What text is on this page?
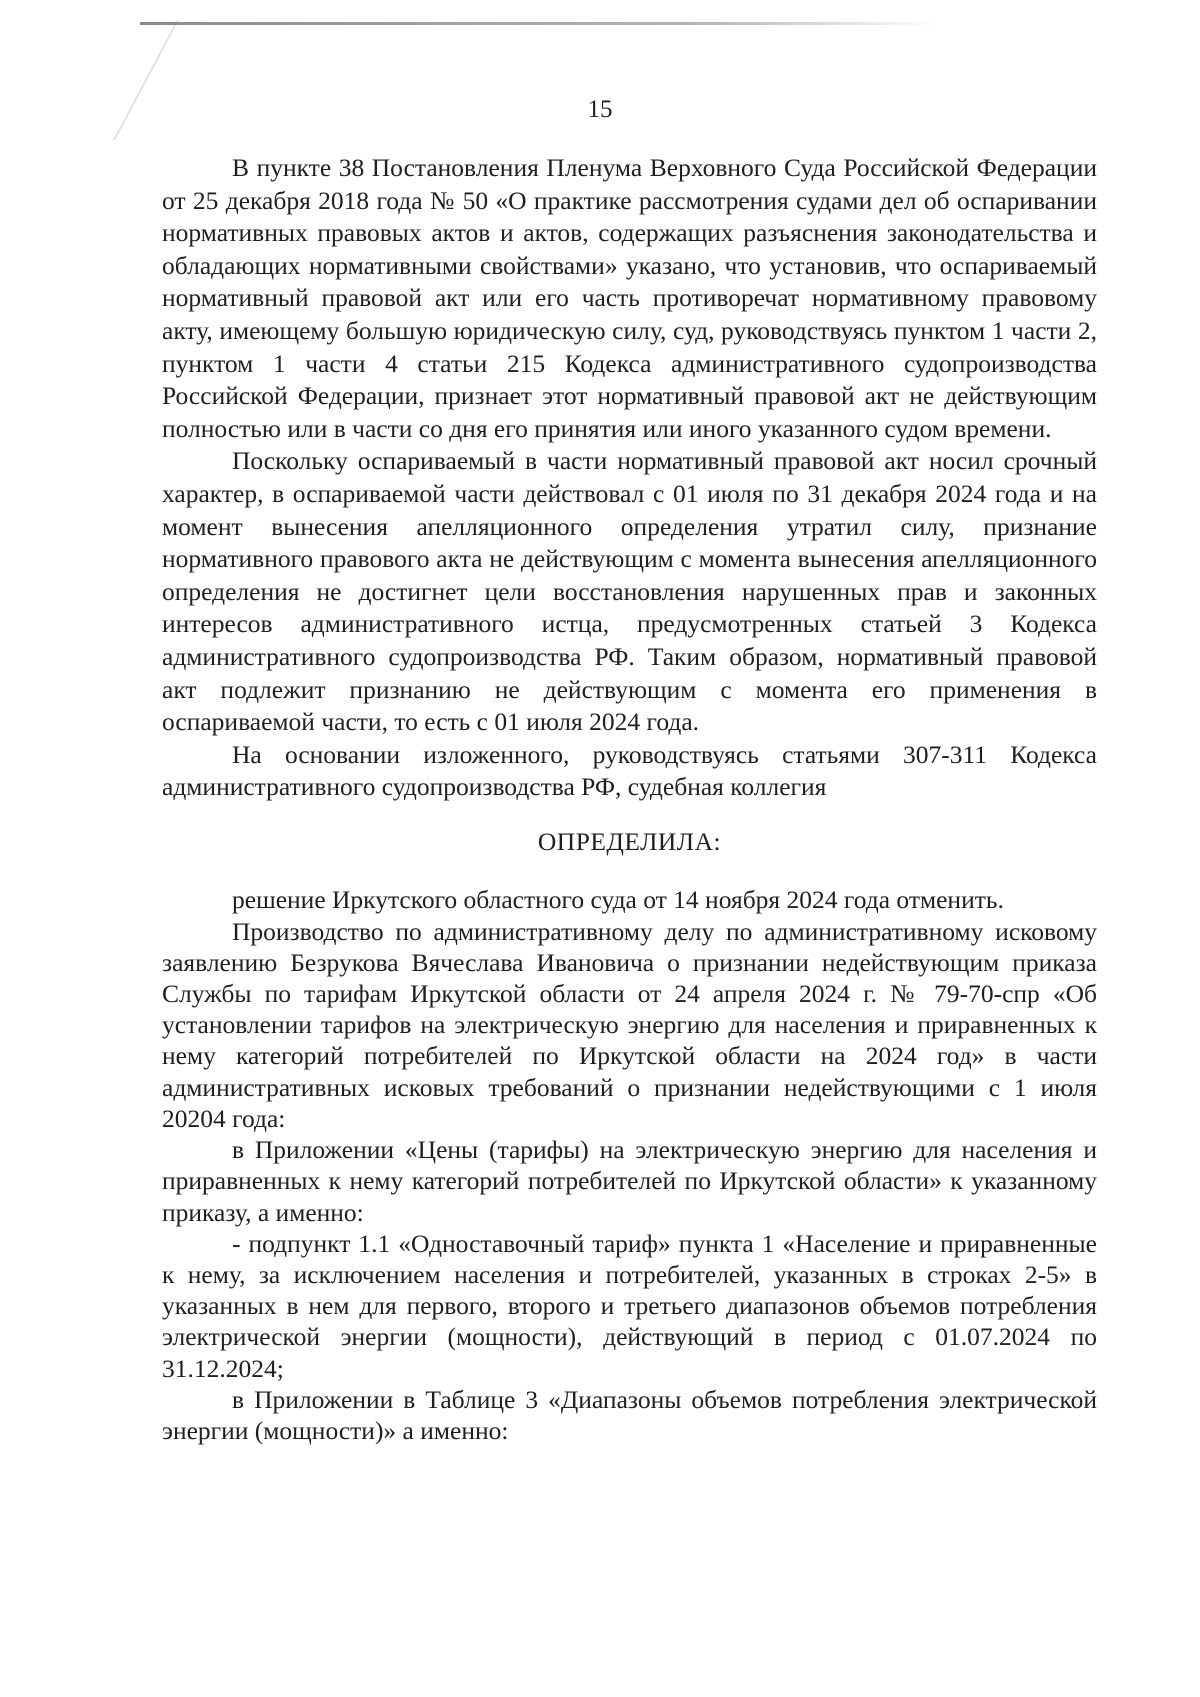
15

В пункте 38 Постановления Пленума Верховного Суда Российской Федерации от 25 декабря 2018 года № 50 «О практике рассмотрения судами дел об оспаривании нормативных правовых актов и актов, содержащих разъяснения законодательства и обладающих нормативными свойствами» указано, что установив, что оспариваемый нормативный правовой акт или его часть противоречат нормативному правовому акту, имеющему большую юридическую силу, суд, руководствуясь пунктом 1 части 2, пунктом 1 части 4 статьи 215 Кодекса административного судопроизводства Российской Федерации, признает этот нормативный правовой акт не действующим полностью или в части со дня его принятия или иного указанного судом времени.

Поскольку оспариваемый в части нормативный правовой акт носил срочный характер, в оспариваемой части действовал с 01 июля по 31 декабря 2024 года и на момент вынесения апелляционного определения утратил силу, признание нормативного правового акта не действующим с момента вынесения апелляционного определения не достигнет цели восстановления нарушенных прав и законных интересов административного истца, предусмотренных статьей 3 Кодекса административного судопроизводства РФ. Таким образом, нормативный правовой акт подлежит признанию не действующим с момента его применения в оспариваемой части, то есть с 01 июля 2024 года.

На основании изложенного, руководствуясь статьями 307-311 Кодекса административного судопроизводства РФ, судебная коллегия

ОПРЕДЕЛИЛА:

решение Иркутского областного суда от 14 ноября 2024 года отменить.

Производство по административному делу по административному исковому заявлению Безрукова Вячеслава Ивановича о признании недействующим приказа Службы по тарифам Иркутской области от 24 апреля 2024 г. № 79-70-спр «Об установлении тарифов на электрическую энергию для населения и приравненных к нему категорий потребителей по Иркутской области на 2024 год» в части административных исковых требований о признании недействующими с 1 июля 20204 года:

в Приложении «Цены (тарифы) на электрическую энергию для населения и приравненных к нему категорий потребителей по Иркутской области» к указанному приказу, а именно:

- подпункт 1.1 «Одноставочный тариф» пункта 1 «Население и приравненные к нему, за исключением населения и потребителей, указанных в строках 2-5» в указанных в нем для первого, второго и третьего диапазонов объемов потребления электрической энергии (мощности), действующий в период с 01.07.2024 по 31.12.2024;

в Приложении в Таблице 3 «Диапазоны объемов потребления электрической энергии (мощности)» а именно:
